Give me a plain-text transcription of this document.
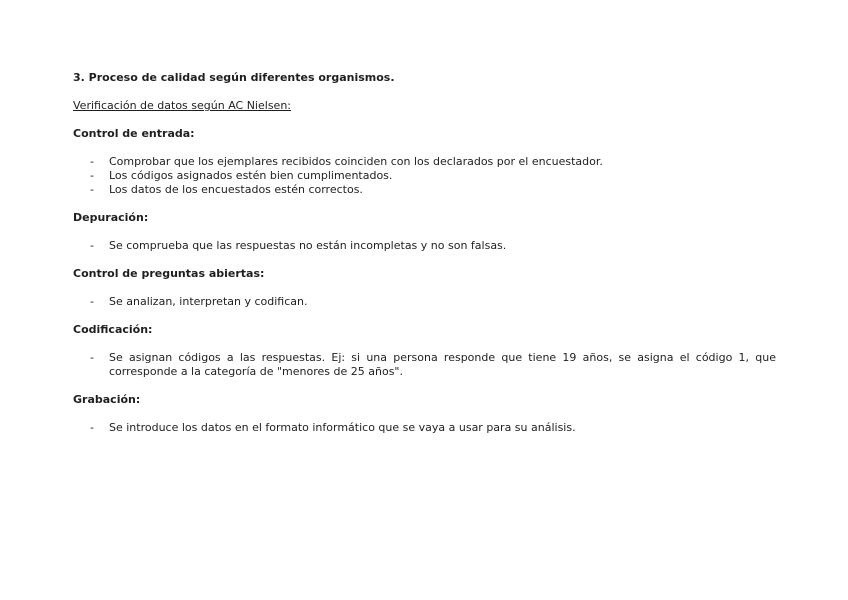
3. Proceso de calidad según diferentes organismos.

Verificación de datos según AC Nielsen:

Control de entrada:

- Comprobar que los ejemplares recibidos coinciden con los declarados por el encuestador.
- Los códigos asignados estén bien cumplimentados.
- Los datos de los encuestados estén correctos.

Depuración:

- Se comprueba que las respuestas no están incompletas y no son falsas.

Control de preguntas abiertas:

- Se analizan, interpretan y codifican.

Codificación:

- Se asignan códigos a las respuestas. Ej: si una persona responde que tiene 19 años, se asigna el código 1, que corresponde a la categoría de "menores de 25 años".

Grabación:

- Se introduce los datos en el formato informático que se vaya a usar para su análisis.
